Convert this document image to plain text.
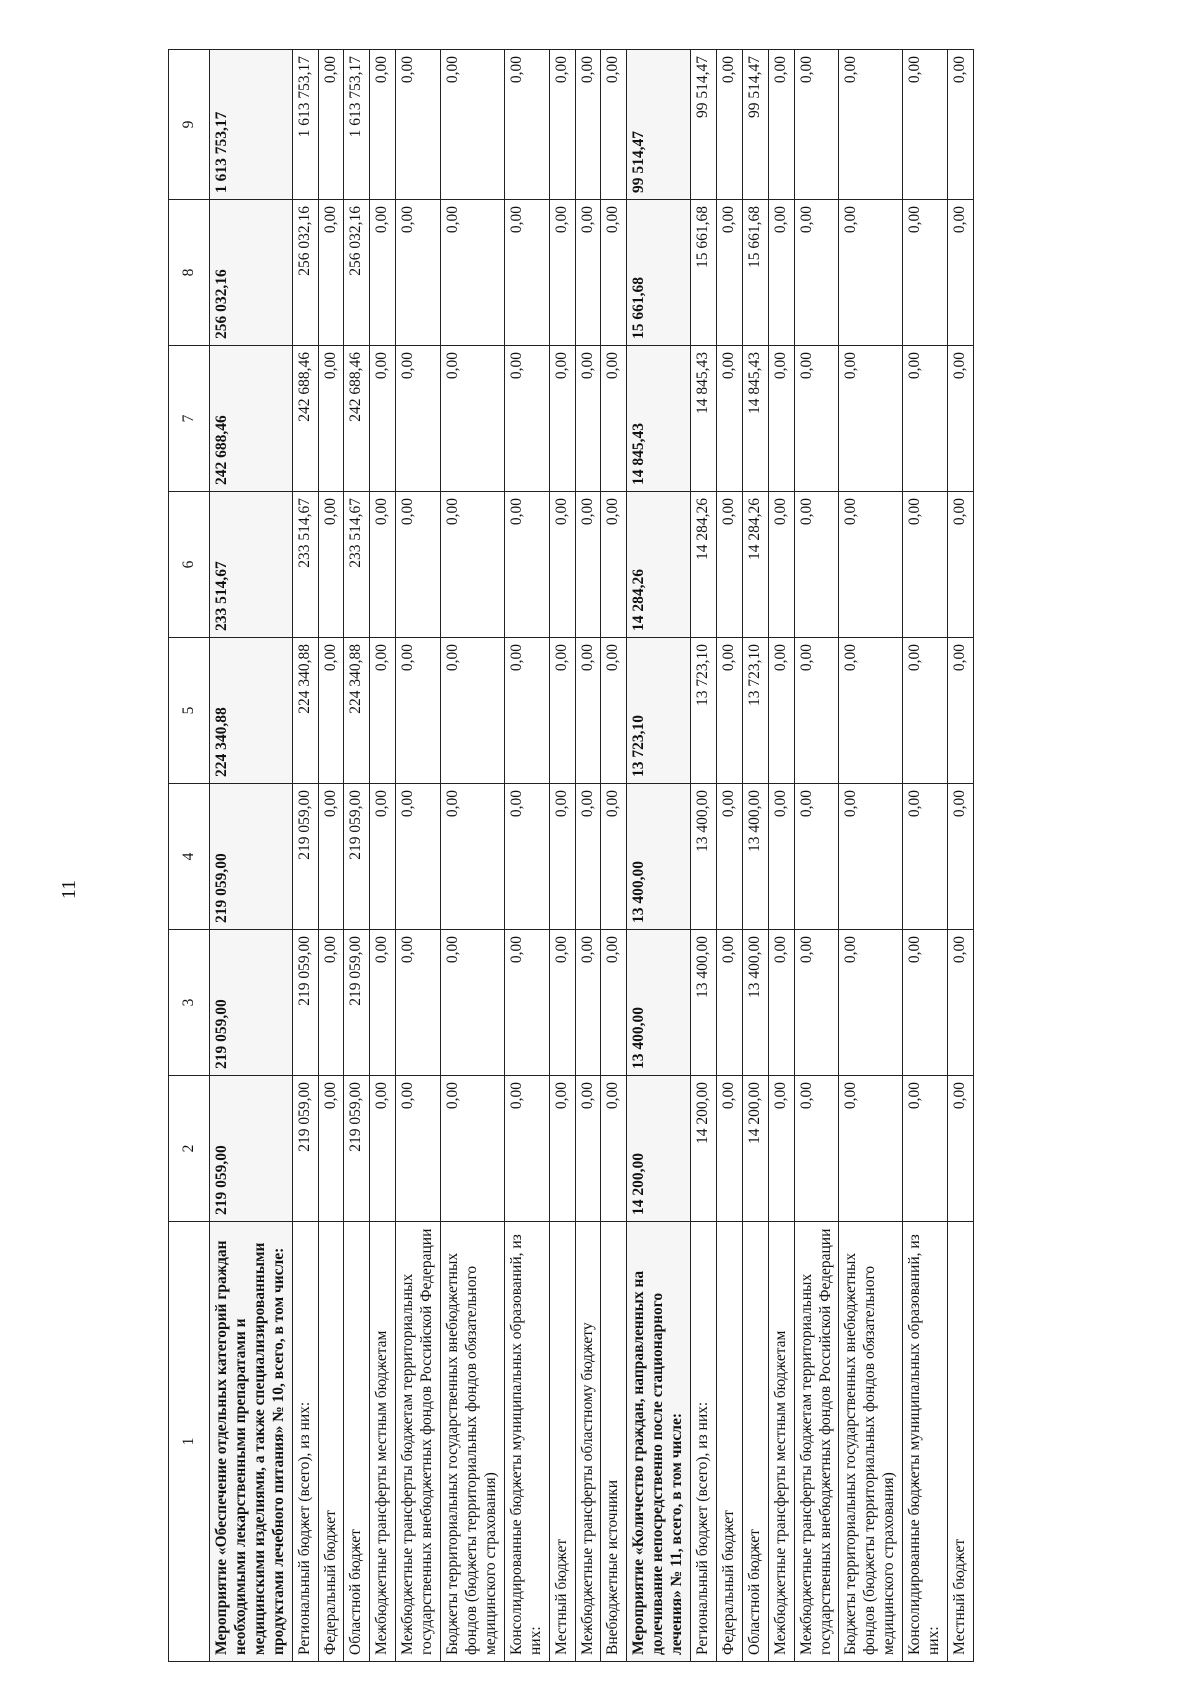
11
1	2	3	4	5	6	7	8	9
Мероприятие «Обеспечение отдельных категорий граждан необходимыми лекарственными препаратами и медицинскими изделиями, а также специализированными продуктами лечебного питания» № 10, всего, в том числе:	219 059,00	219 059,00	219 059,00	224 340,88	233 514,67	242 688,46	256 032,16	1 613 753,17
Региональный бюджет (всего), из них:	219 059,00	219 059,00	219 059,00	224 340,88	233 514,67	242 688,46	256 032,16	1 613 753,17
Федеральный бюджет	0,00	0,00	0,00	0,00	0,00	0,00	0,00	0,00
Областной бюджет	219 059,00	219 059,00	219 059,00	224 340,88	233 514,67	242 688,46	256 032,16	1 613 753,17
Межбюджетные трансферты местным бюджетам	0,00	0,00	0,00	0,00	0,00	0,00	0,00	0,00
Межбюджетные трансферты бюджетам территориальных государственных внебюджетных фондов Российской Федерации	0,00	0,00	0,00	0,00	0,00	0,00	0,00	0,00
Бюджеты территориальных государственных внебюджетных фондов (бюджеты территориальных фондов обязательного медицинского страхования)	0,00	0,00	0,00	0,00	0,00	0,00	0,00	0,00
Консолидированные бюджеты муниципальных образований, из них:	0,00	0,00	0,00	0,00	0,00	0,00	0,00	0,00
Местный бюджет	0,00	0,00	0,00	0,00	0,00	0,00	0,00	0,00
Межбюджетные трансферты областному бюджету	0,00	0,00	0,00	0,00	0,00	0,00	0,00	0,00
Внебюджетные источники	0,00	0,00	0,00	0,00	0,00	0,00	0,00	0,00
Мероприятие «Количество граждан, направленных на долечивание непосредственно после стационарного лечения» № 11, всего, в том числе:	14 200,00	13 400,00	13 400,00	13 723,10	14 284,26	14 845,43	15 661,68	99 514,47
Региональный бюджет (всего), из них:	14 200,00	13 400,00	13 400,00	13 723,10	14 284,26	14 845,43	15 661,68	99 514,47
Федеральный бюджет	0,00	0,00	0,00	0,00	0,00	0,00	0,00	0,00
Областной бюджет	14 200,00	13 400,00	13 400,00	13 723,10	14 284,26	14 845,43	15 661,68	99 514,47
Межбюджетные трансферты местным бюджетам	0,00	0,00	0,00	0,00	0,00	0,00	0,00	0,00
Межбюджетные трансферты бюджетам территориальных государственных внебюджетных фондов Российской Федерации	0,00	0,00	0,00	0,00	0,00	0,00	0,00	0,00
Бюджеты территориальных государственных внебюджетных фондов (бюджеты территориальных фондов обязательного медицинского страхования)	0,00	0,00	0,00	0,00	0,00	0,00	0,00	0,00
Консолидированные бюджеты муниципальных образований, из них:	0,00	0,00	0,00	0,00	0,00	0,00	0,00	0,00
Местный бюджет	0,00	0,00	0,00	0,00	0,00	0,00	0,00	0,00
